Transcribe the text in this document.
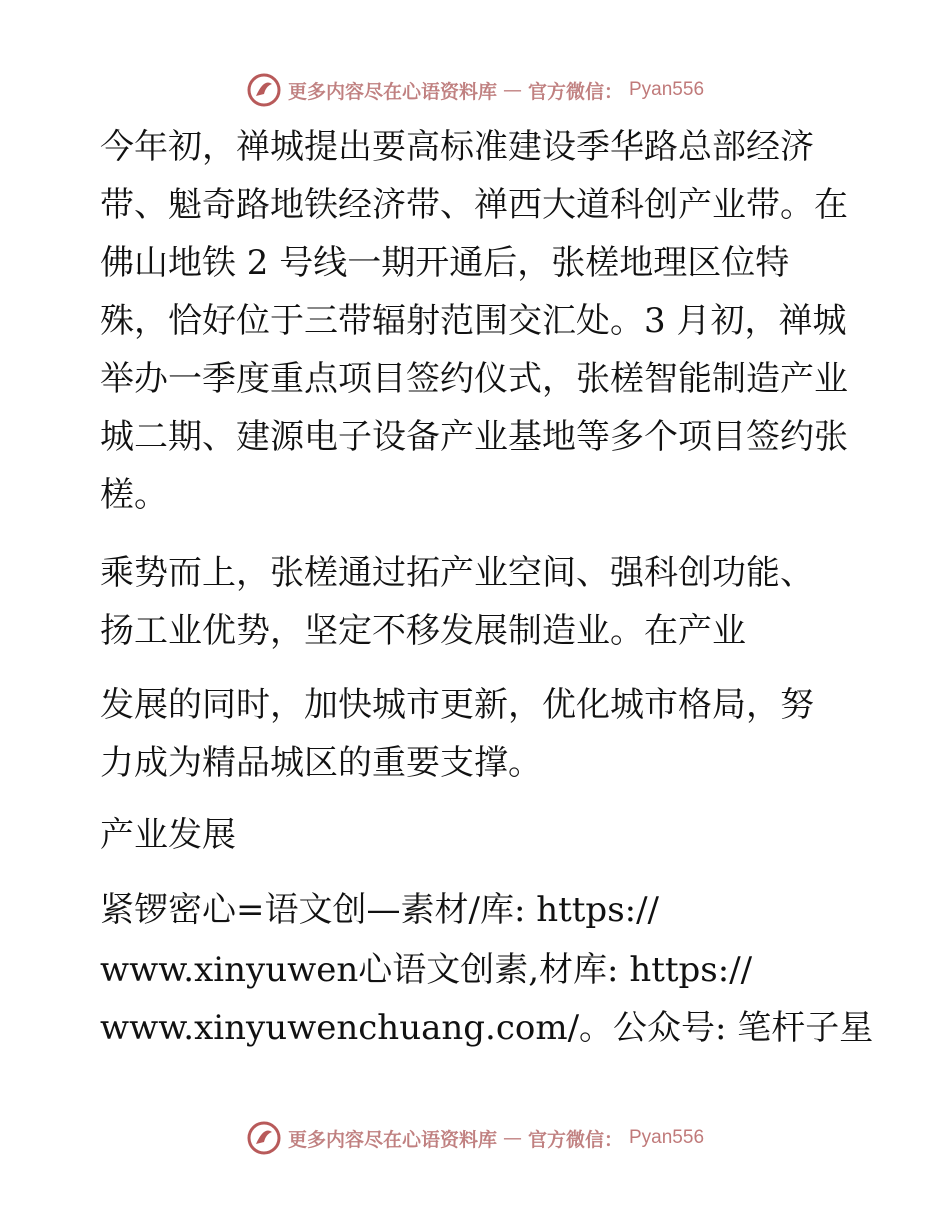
更多内容尽在心语资料库 — 官方微信： Pyan556
今年初，禅城提出要高标准建设季华路总部经济
带、魁奇路地铁经济带、禅西大道科创产业带。在
佛山地铁 2 号线一期开通后，张槎地理区位特
殊，恰好位于三带辐射范围交汇处。3 月初，禅城
举办一季度重点项目签约仪式，张槎智能制造产业
城二期、建源电子设备产业基地等多个项目签约张
槎。
乘势而上，张槎通过拓产业空间、强科创功能、
扬工业优势，坚定不移发展制造业。在产业
发展的同时，加快城市更新，优化城市格局，努
力成为精品城区的重要支撑。
产业发展
紧锣密心=语文创—素材/库: https://
www.xinyuwen心语文创素,材库: https://
www.xinyuwenchuang.com/。公众号: 笔杆子星
更多内容尽在心语资料库 — 官方微信： Pyan556
